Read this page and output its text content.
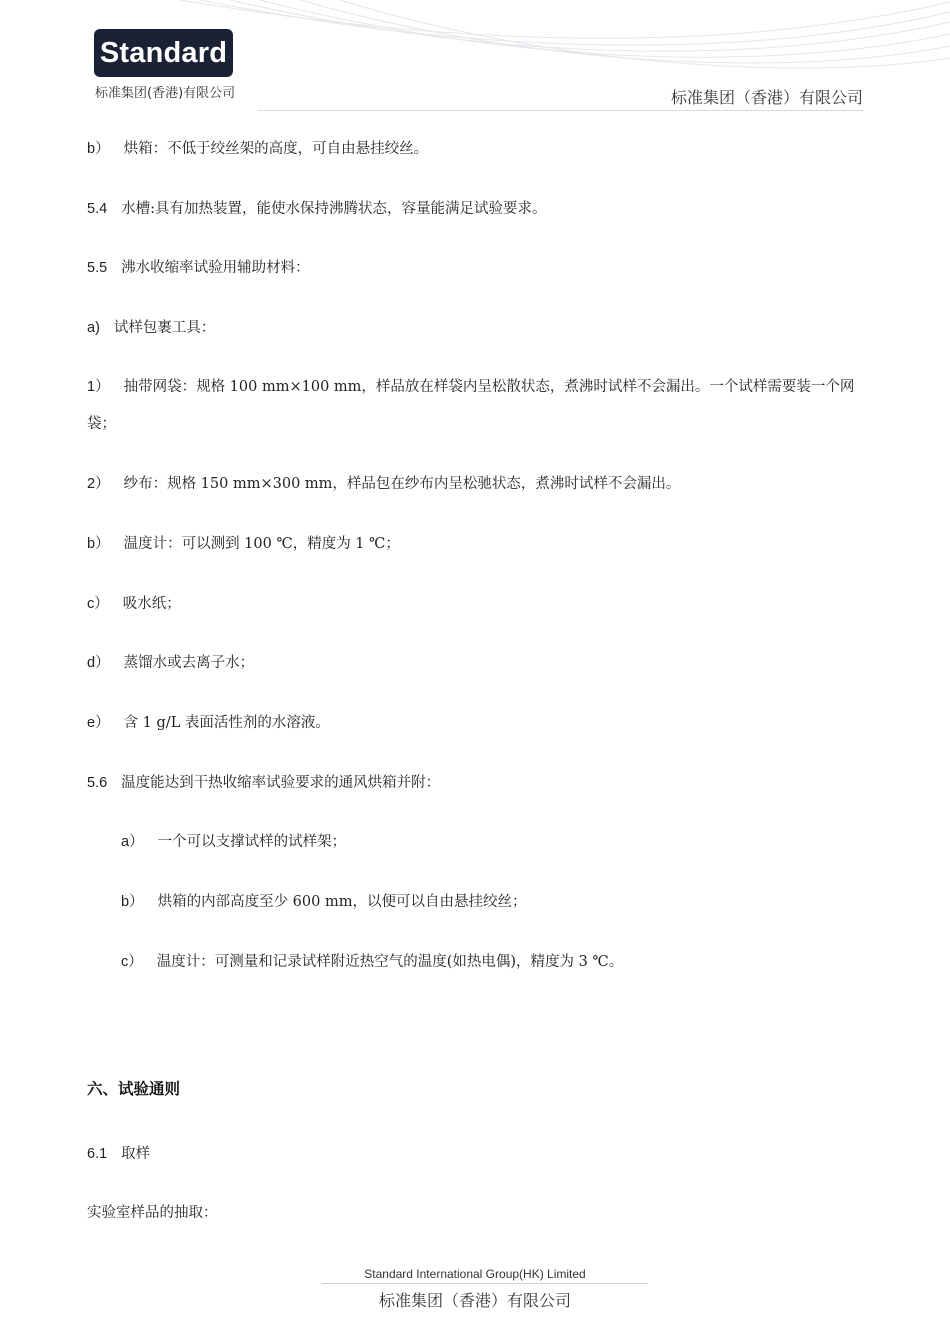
Standard
标准集团(香港)有限公司	标准集团（香港）有限公司
b） 烘箱：不低于绞丝架的高度，可自由悬挂绞丝。
5.4 水槽:具有加热装置，能使水保持沸腾状态，容量能满足试验要求。
5.5 沸水收缩率试验用辅助材料：
a) 试样包裹工具：
1） 抽带网袋：规格 100 mm×100 mm，样品放在样袋内呈松散状态，煮沸时试样不会漏出。一个试样需要装一个网袋；
2） 纱布：规格 150 mm×300 mm，样品包在纱布内呈松驰状态，煮沸时试样不会漏出。
b） 温度计：可以测到 100 ℃，精度为 1 ℃；
c） 吸水纸；
d） 蒸馏水或去离子水；
e） 含 1 g/L 表面活性剂的水溶液。
5.6 温度能达到干热收缩率试验要求的通风烘箱并附：
a） 一个可以支撑试样的试样架；
b） 烘箱的内部高度至少 600 mm，以便可以自由悬挂绞丝；
c） 温度计：可测量和记录试样附近热空气的温度(如热电偶)，精度为 3 ℃。
六、试验通则
6.1 取样
实验室样品的抽取：
Standard International Group(HK) Limited
标准集团（香港）有限公司
